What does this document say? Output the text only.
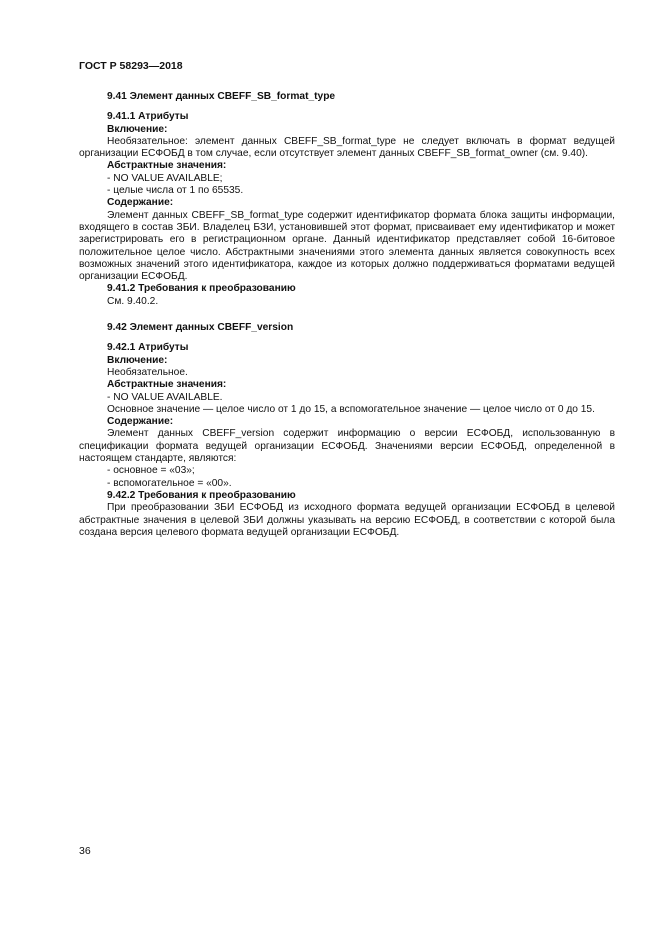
ГОСТ Р 58293—2018

9.41 Элемент данных CBEFF_SB_format_type

9.41.1 Атрибуты

Включение:

Необязательное: элемент данных CBEFF_SB_format_type не следует включать в формат ведущей организации ЕСФОБД в том случае, если отсутствует элемент данных CBEFF_SB_format_owner (см. 9.40).

Абстрактные значения:

- NO VALUE AVAILABLE;

- целые числа от 1 по 65535.

Содержание:

Элемент данных CBEFF_SB_format_type содержит идентификатор формата блока защиты информации, входящего в состав ЗБИ. Владелец БЗИ, установившей этот формат, присваивает ему идентификатор и может зарегистрировать его в регистрационном органе. Данный идентификатор представляет собой 16-битовое положительное целое число. Абстрактными значениями этого элемента данных является совокупность всех возможных значений этого идентификатора, каждое из которых должно поддерживаться форматами ведущей организации ЕСФОБД.

9.41.2 Требования к преобразованию

См. 9.40.2.

9.42 Элемент данных CBEFF_version

9.42.1 Атрибуты

Включение:

Необязательное.

Абстрактные значения:

- NO VALUE AVAILABLE.

Основное значение — целое число от 1 до 15, а вспомогательное значение — целое число от 0 до 15.

Содержание:

Элемент данных CBEFF_version содержит информацию о версии ЕСФОБД, использованную в спецификации формата ведущей организации ЕСФОБД. Значениями версии ЕСФОБД, определенной в настоящем стандарте, являются:

- основное = «03»;

- вспомогательное = «00».

9.42.2 Требования к преобразованию

При преобразовании ЗБИ ЕСФОБД из исходного формата ведущей организации ЕСФОБД в целевой абстрактные значения в целевой ЗБИ должны указывать на версию ЕСФОБД, в соответствии с которой была создана версия целевого формата ведущей организации ЕСФОБД.

36
